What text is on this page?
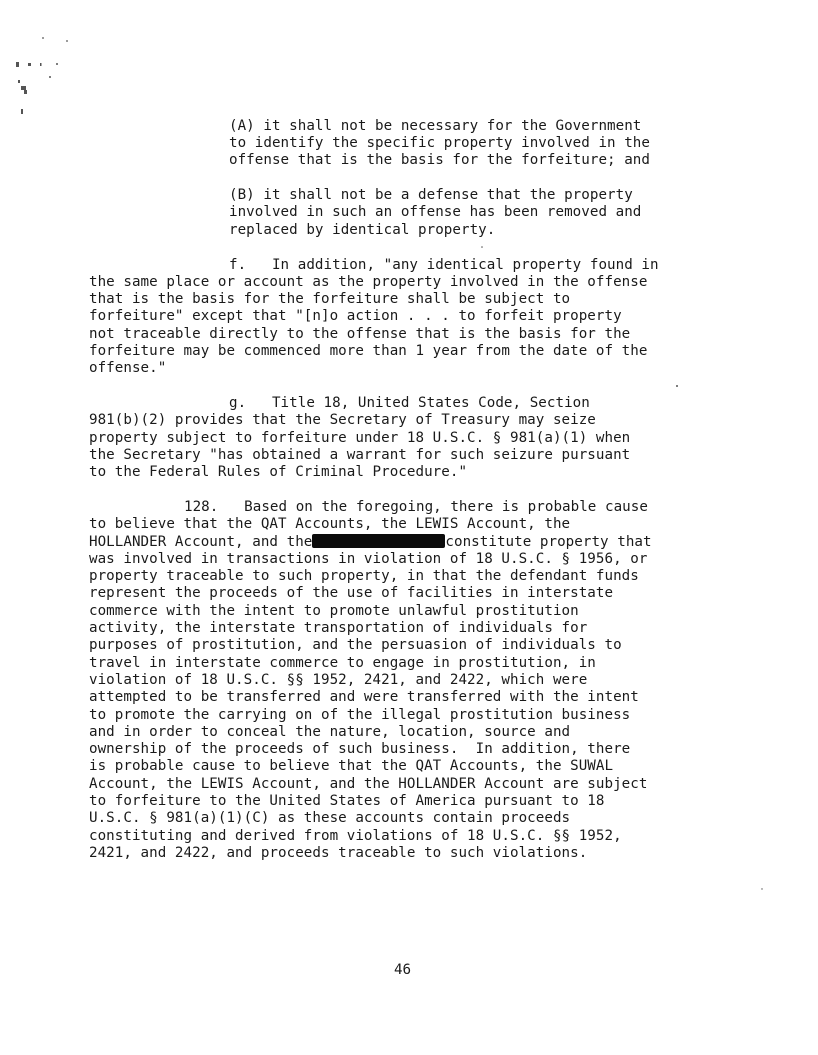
(A) it shall not be necessary for the Government
to identify the specific property involved in the
offense that is the basis for the forfeiture; and
(B) it shall not be a defense that the property
involved in such an offense has been removed and
replaced by identical property.
f.   In addition, "any identical property found in
the same place or account as the property involved in the offense
that is the basis for the forfeiture shall be subject to
forfeiture" except that "[n]o action . . . to forfeit property
not traceable directly to the offense that is the basis for the
forfeiture may be commenced more than 1 year from the date of the
offense."
g.   Title 18, United States Code, Section
981(b)(2) provides that the Secretary of Treasury may seize
property subject to forfeiture under 18 U.S.C. § 981(a)(1) when
the Secretary "has obtained a warrant for such seizure pursuant
to the Federal Rules of Criminal Procedure."
128.   Based on the foregoing, there is probable cause
to believe that the QAT Accounts, the LEWIS Account, the
HOLLANDER Account, and the	constitute property that
was involved in transactions in violation of 18 U.S.C. § 1956, or
property traceable to such property, in that the defendant funds
represent the proceeds of the use of facilities in interstate
commerce with the intent to promote unlawful prostitution
activity, the interstate transportation of individuals for
purposes of prostitution, and the persuasion of individuals to
travel in interstate commerce to engage in prostitution, in
violation of 18 U.S.C. §§ 1952, 2421, and 2422, which were
attempted to be transferred and were transferred with the intent
to promote the carrying on of the illegal prostitution business
and in order to conceal the nature, location, source and
ownership of the proceeds of such business.  In addition, there
is probable cause to believe that the QAT Accounts, the SUWAL
Account, the LEWIS Account, and the HOLLANDER Account are subject
to forfeiture to the United States of America pursuant to 18
U.S.C. § 981(a)(1)(C) as these accounts contain proceeds
constituting and derived from violations of 18 U.S.C. §§ 1952,
2421, and 2422, and proceeds traceable to such violations.
46
